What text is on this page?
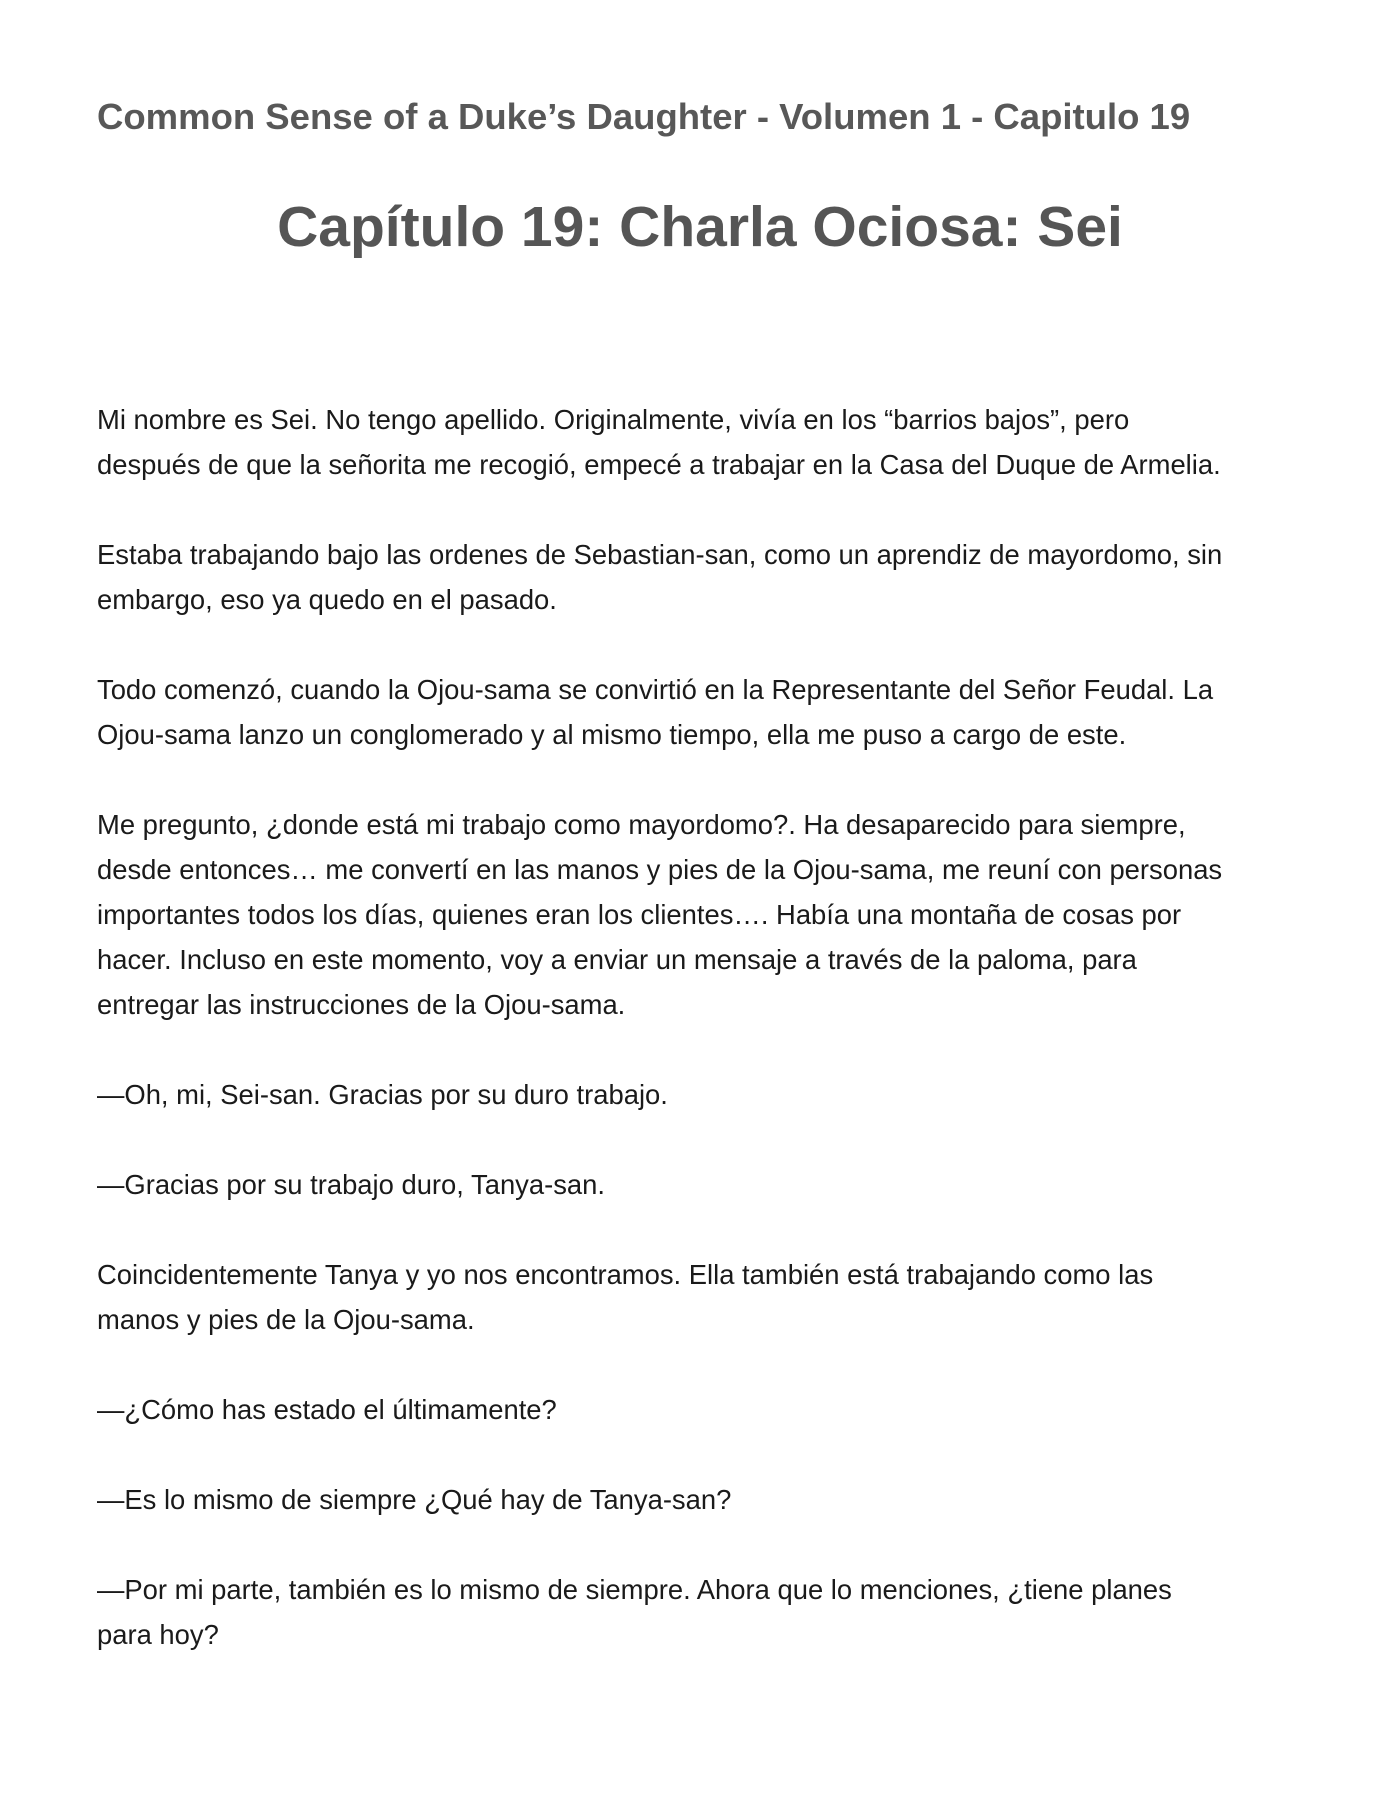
Common Sense of a Duke’s Daughter - Volumen 1 - Capitulo 19
Capítulo 19: Charla Ociosa: Sei

Mi nombre es Sei. No tengo apellido. Originalmente, vivía en los “barrios bajos”, pero
después de que la señorita me recogió, empecé a trabajar en la Casa del Duque de Armelia.

Estaba trabajando bajo las ordenes de Sebastian-san, como un aprendiz de mayordomo, sin
embargo, eso ya quedo en el pasado.

Todo comenzó, cuando la Ojou-sama se convirtió en la Representante del Señor Feudal. La
Ojou-sama lanzo un conglomerado y al mismo tiempo, ella me puso a cargo de este.

Me pregunto, ¿donde está mi trabajo como mayordomo?. Ha desaparecido para siempre,
desde entonces… me convertí en las manos y pies de la Ojou-sama, me reuní con personas
importantes todos los días, quienes eran los clientes…. Había una montaña de cosas por
hacer. Incluso en este momento, voy a enviar un mensaje a través de la paloma, para
entregar las instrucciones de la Ojou-sama.

—Oh, mi, Sei-san. Gracias por su duro trabajo.

—Gracias por su trabajo duro, Tanya-san.

Coincidentemente Tanya y yo nos encontramos. Ella también está trabajando como las
manos y pies de la Ojou-sama.

—¿Cómo has estado el últimamente?

—Es lo mismo de siempre ¿Qué hay de Tanya-san?

—Por mi parte, también es lo mismo de siempre. Ahora que lo menciones, ¿tiene planes
para hoy?
